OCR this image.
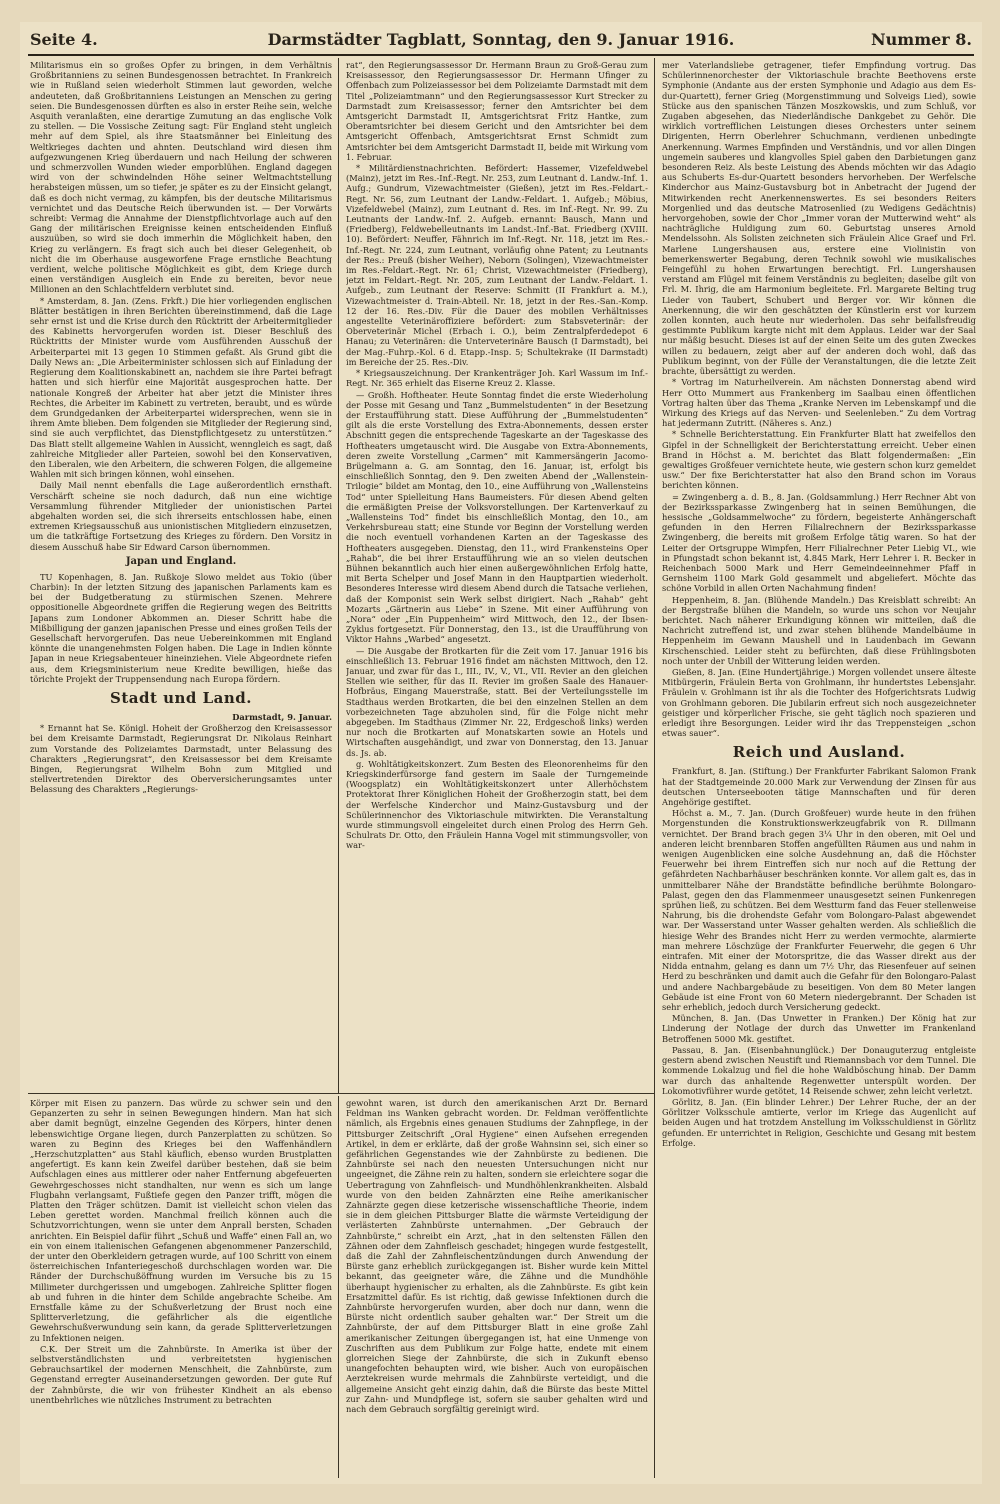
Seite 4.	Darmstädter Tagblatt, Sonntag, den 9. Januar 1916.	Nummer 8.

Militarismus ein so großes Opfer zu bringen, in dem Verhältnis Großbritanniens zu seinen Bundesgenossen betrachtet. In Frankreich wie in Rußland seien wiederholt Stimmen laut geworden, welche andeuteten, daß Großbritanniens Leistungen an Menschen zu gering seien. Die Bundesgenossen dürften es also in erster Reihe sein, welche Asquith veranlaßten, eine derartige Zumutung an das englische Volk zu stellen. — Die Vossische Zeitung sagt: Für England steht ungleich mehr auf dem Spiel, als ihre Staatsmänner bei Einleitung des Weltkrieges dachten und ahnten. Deutschland wird diesen ihm aufgezwungenen Krieg überdauern und nach Heilung der schweren und schmerzvollen Wunden wieder emporblühen. England dagegen wird von der schwindelnden Höhe seiner Weltmachtstellung herabsteigen müssen, um so tiefer, je später es zu der Einsicht gelangt, daß es doch nicht vermag, zu kämpfen, bis der deutsche Militarismus vernichtet und das Deutsche Reich überwunden ist. — Der Vorwärts schreibt: Vermag die Annahme der Dienstpflichtvorlage auch auf den Gang der militärischen Ereignisse keinen entscheidenden Einfluß auszuüben, so wird sie doch immerhin die Möglichkeit haben, den Krieg zu verlängern. Es fragt sich auch bei dieser Gelegenheit, ob nicht die im Oberhause ausgeworfene Frage ernstliche Beachtung verdient, welche politische Möglichkeit es gibt, dem Kriege durch einen verständigen Ausgleich ein Ende zu bereiten, bevor neue Millionen an den Schlachtfeldern verblutet sind.

* Amsterdam, 8. Jan. (Zens. Frkft.) Die hier vorliegenden englischen Blätter bestätigen in ihren Berichten übereinstimmend, daß die Lage sehr ernst ist und die Krise durch den Rücktritt der Arbeitermitglieder des Kabinetts hervorgerufen worden ist. Dieser Beschluß des Rücktritts der Minister wurde vom Ausführenden Ausschuß der Arbeiterpartei mit 13 gegen 10 Stimmen gefaßt. Als Grund gibt die Daily News an: „Die Arbeiterminister schlossen sich auf Einladung der Regierung dem Koalitionskabinett an, nachdem sie ihre Partei befragt hatten und sich hierfür eine Majorität ausgesprochen hatte. Der nationale Kongreß der Arbeiter hat aber jetzt die Minister ihres Rechtes, die Arbeiter im Kabinett zu vertreten, beraubt, und es würde dem Grundgedanken der Arbeiterpartei widersprechen, wenn sie in ihrem Amte blieben. Dem folgenden sie Mitglieder der Regierung sind, sind sie auch verpflichtet, das Dienstpflichtgesetz zu unterstützen.“ Das Blatt stellt allgemeine Wahlen in Aussicht, wenngleich es sagt, daß zahlreiche Mitglieder aller Parteien, sowohl bei den Konservativen, den Liberalen, wie den Arbeitern, die schweren Folgen, die allgemeine Wahlen mit sich bringen können, wohl einsehen.

Daily Mail nennt ebenfalls die Lage außerordentlich ernsthaft. Verschärft scheine sie noch dadurch, daß nun eine wichtige Versammlung führender Mitglieder der unionistischen Partei abgehalten worden sei, die sich ihrerseits entschlossen habe, einen extremen Kriegsausschuß aus unionistischen Mitgliedern einzusetzen, um die tatkräftige Fortsetzung des Krieges zu fördern. Den Vorsitz in diesem Ausschuß habe Sir Edward Carson übernommen.

Japan und England.

TU Kopenhagen, 8. Jan. Rußkoje Slowo meldet aus Tokio (über Charbin): In der letzten Sitzung des japanischen Parlaments kam es bei der Budgetberatung zu stürmischen Szenen. Mehrere oppositionelle Abgeordnete griffen die Regierung wegen des Beitritts Japans zum Londoner Abkommen an. Dieser Schritt habe die Mißbilligung der ganzen japanischen Presse und eines großen Teils der Gesellschaft hervorgerufen. Das neue Uebereinkommen mit England könnte die unangenehmsten Folgen haben. Die Lage in Indien könnte Japan in neue Kriegsabenteuer hineinziehen. Viele Abgeordnete riefen aus, dem Kriegsministerium neue Kredite bewilligen, hieße das törichte Projekt der Truppensendung nach Europa fördern.

Stadt und Land.

Darmstadt, 9. Januar.

* Ernannt hat Se. Königl. Hoheit der Großherzog den Kreisassessor bei dem Kreisamte Darmstadt, Regierungsrat Dr. Nikolaus Reinhart zum Vorstande des Polizeiamtes Darmstadt, unter Belassung des Charakters „Regierungsrat“, den Kreisassessor bei dem Kreisamte Bingen, Regierungsrat Wilhelm Bohn zum Mitglied und stellvertretenden Direktor des Oberversicherungsamtes unter Belassung des Charakters „Regierungs-

rat“, den Regierungsassessor Dr. Hermann Braun zu Groß-Gerau zum Kreisassessor, den Regierungsassessor Dr. Hermann Ufinger zu Offenbach zum Polizeiassessor bei dem Polizeiamte Darmstadt mit dem Titel „Polizeiamtmann“ und den Regierungsassessor Kurt Strecker zu Darmstadt zum Kreisassessor; ferner den Amtsrichter bei dem Amtsgericht Darmstadt II, Amtsgerichtsrat Fritz Hantke, zum Oberamtsrichter bei diesem Gericht und den Amtsrichter bei dem Amtsgericht Offenbach, Amtsgerichtsrat Ernst Schmidt zum Amtsrichter bei dem Amtsgericht Darmstadt II, beide mit Wirkung vom 1. Februar.

* Militärdienstnachrichten. Befördert: Hassemer, Vizefeldwebel (Mainz), jetzt im Res.-Inf.-Regt. Nr. 253, zum Leutnant d. Landw.-Inf. 1. Aufg.; Gundrum, Vizewachtmeister (Gießen), jetzt im Res.-Feldart.-Regt. Nr. 56, zum Leutnant der Landw.-Feldart. 1. Aufgeb.; Möbius, Vizefeldwebel (Mainz), zum Leutnant d. Res. im Inf.-Regt. Nr. 99. Zu Leutnants der Landw.-Inf. 2. Aufgeb. ernannt: Bausch, Mann und (Friedberg), Feldwebelleutnants im Landst.-Inf.-Bat. Friedberg (XVIII. 10). Befördert: Neuffer, Fähnrich im Inf.-Regt. Nr. 118, jetzt im Res.-Inf.-Regt. Nr. 224, zum Leutnant, vorläufig ohne Patent; zu Leutnants der Res.: Preuß (bisher Weiher), Neborn (Solingen), Vizewachtmeister im Res.-Feldart.-Regt. Nr. 61; Christ, Vizewachtmeister (Friedberg), jetzt im Feldart.-Regt. Nr. 205, zum Leutnant der Landw.-Feldart. 1. Aufgeb., zum Leutnant der Reserve: Schmitt (II Frankfurt a. M.), Vizewachtmeister d. Train-Abteil. Nr. 18, jetzt in der Res.-San.-Komp. 12 der 16. Res.-Div. Für die Dauer des mobilen Verhältnisses angestellte Veterinäroffiziere befördert: zum Stabsveterinär: der Oberveterinär Michel (Erbach i. O.), beim Zentralpferdedepot 6 Hanau; zu Veterinären: die Unterveterinäre Bausch (I Darmstadt), bei der Mag.-Fuhrp.-Kol. 6 d. Etapp.-Insp. 5; Schultekrake (II Darmstadt) im Bereiche der 25. Res.-Div.

* Kriegsauszeichnung. Der Krankenträger Joh. Karl Wassum im Inf.-Regt. Nr. 365 erhielt das Eiserne Kreuz 2. Klasse.

— Großh. Hoftheater. Heute Sonntag findet die erste Wiederholung der Posse mit Gesang und Tanz „Bummelstudenten“ in der Besetzung der Erstaufführung statt. Diese Aufführung der „Bummelstudenten“ gilt als die erste Vorstellung des Extra-Abonnements, dessen erster Abschnitt gegen die entsprechende Tageskarte an der Tageskasse des Hoftheaters umgetauscht wird. Die Ausgabe von Extra-Abonnements, deren zweite Vorstellung „Carmen“ mit Kammersängerin Jacomo-Brügelmann a. G. am Sonntag, den 16. Januar, ist, erfolgt bis einschließlich Sonntag, den 9. Den zweiten Abend der „Wallenstein-Trilogie“ bildet am Montag, den 10., eine Aufführung von „Wallensteins Tod“ unter Spielleitung Hans Baumeisters. Für diesen Abend gelten die ermäßigten Preise der Volksvorstellungen. Der Kartenverkauf zu „Wallensteins Tod“ findet bis einschließlich Montag, den 10., am Verkehrsbureau statt; eine Stunde vor Beginn der Vorstellung werden die noch eventuell vorhandenen Karten an der Tageskasse des Hoftheaters ausgegeben. Dienstag, den 11., wird Frankensteins Oper „Rahab“, die bei ihrer Erstaufführung wie an so vielen deutschen Bühnen bekanntlich auch hier einen außergewöhnlichen Erfolg hatte, mit Berta Schelper und Josef Mann in den Hauptpartien wiederholt. Besonderes Interesse wird diesem Abend durch die Tatsache verliehen, daß der Komponist sein Werk selbst dirigiert. Nach „Rahab“ geht Mozarts „Gärtnerin aus Liebe“ in Szene. Mit einer Aufführung von „Nora“ oder „Ein Puppenheim“ wird Mittwoch, den 12., der Ibsen-Zyklus fortgesetzt. Für Donnerstag, den 13., ist die Uraufführung von Viktor Hahns „Warbed“ angesetzt.

— Die Ausgabe der Brotkarten für die Zeit vom 17. Januar 1916 bis einschließlich 13. Februar 1916 findet am nächsten Mittwoch, den 12. Januar, und zwar für das I., III., IV., V., VI., VII. Revier an den gleichen Stellen wie seither, für das II. Revier im großen Saale des Hanauer-Hofbräus, Eingang Mauerstraße, statt. Bei der Verteilungsstelle im Stadthaus werden Brotkarten, die bei den einzelnen Stellen an dem vorbezeichneten Tage abzuholen sind, für die Folge nicht mehr abgegeben. Im Stadthaus (Zimmer Nr. 22, Erdgeschoß links) werden nur noch die Brotkarten auf Monatskarten sowie an Hotels und Wirtschaften ausgehändigt, und zwar von Donnerstag, den 13. Januar ds. Js. ab.

g. Wohltätigkeitskonzert. Zum Besten des Eleonorenheims für den Kriegskinderfürsorge fand gestern im Saale der Turngemeinde (Woogsplatz) ein Wohltätigkeitskonzert unter Allerhöchstem Protektorat Ihrer Königlichen Hoheit der Großherzogin statt, bei dem der Werfelsche Kinderchor und Mainz-Gustavsburg und der Schülerinnenchor des Viktoriaschule mitwirkten. Die Veranstaltung wurde stimmungsvoll eingeleitet durch einen Prolog des Herrn Geh. Schulrats Dr. Otto, den Fräulein Hanna Vogel mit stimmungsvoller, von war-

mer Vaterlandsliebe getragener, tiefer Empfindung vortrug. Das Schülerinnenorchester der Viktoriaschule brachte Beethovens erste Symphonie (Andante aus der ersten Symphonie und Adagio aus dem Es-dur-Quartett), ferner Grieg (Morgenstimmung und Solveigs Lied), sowie Stücke aus den spanischen Tänzen Moszkowskis, und zum Schluß, vor Zugaben abgesehen, das Niederländische Dankgebet zu Gehör. Die wirklich vortrefflichen Leistungen dieses Orchesters unter seinem Dirigenten, Herrn Oberlehrer Schuchmann, verdienen unbedingte Anerkennung. Warmes Empfinden und Verständnis, und vor allen Dingen ungemein sauberes und klangvolles Spiel gaben den Darbietungen ganz besonderen Reiz. Als beste Leistung des Abends möchten wir das Adagio aus Schuberts Es-dur-Quartett besonders hervorheben. Der Werfelsche Kinderchor aus Mainz-Gustavsburg bot in Anbetracht der Jugend der Mitwirkenden recht Anerkennenswertes. Es sei besonders Reiters Morgenlied und das deutsche Matrosenlied (zu Wedigens Gedächtnis) hervorgehoben, sowie der Chor „Immer voran der Mutterwind weht“ als nachträgliche Huldigung zum 60. Geburtstag unseres Arnold Mendelssohn. Als Solisten zeichneten sich Fräulein Alice Graef und Frl. Marlene Lungershausen aus, erstere eine Violinistin von bemerkenswerter Begabung, deren Technik sowohl wie musikalisches Feingefühl zu hohen Erwartungen berechtigt. Frl. Lungershausen verstand am Flügel mit feinem Verständnis zu begleiten; daselbe gilt von Frl. M. Ihrig, die am Harmonium begleitete. Frl. Margarete Belting trug Lieder von Taubert, Schubert und Berger vor. Wir können die Anerkennung, die wir den geschätzten der Künstlerin erst vor kurzem zollen konnten, auch heute nur wiederholen. Das sehr beifallsfreudig gestimmte Publikum kargte nicht mit dem Applaus. Leider war der Saal nur mäßig besucht. Dieses ist auf der einen Seite um des guten Zweckes willen zu bedauern, zeigt aber auf der anderen doch wohl, daß das Publikum beginnt, von der Fülle der Veranstaltungen, die die letzte Zeit brachte, übersättigt zu werden.

* Vortrag im Naturheilverein. Am nächsten Donnerstag abend wird Herr Otto Mummert aus Frankenberg im Saalbau einen öffentlichen Vortrag halten über das Thema „Kranke Nerven im Lebenskampf und die Wirkung des Kriegs auf das Nerven- und Seelenleben.“ Zu dem Vortrag hat jedermann Zutritt. (Näheres s. Anz.)

* Schnelle Berichterstattung. Ein Frankfurter Blatt hat zweifellos den Gipfel in der Schnelligkeit der Berichterstattung erreicht. Ueber einen Brand in Höchst a. M. berichtet das Blatt folgendermaßen: „Ein gewaltiges Großfeuer vernichtete heute, wie gestern schon kurz gemeldet usw.“ Der fixe Berichterstatter hat also den Brand schon im Voraus berichten können.

= Zwingenberg a. d. B., 8. Jan. (Goldsammlung.) Herr Rechner Abt von der Bezirkssparkasse Zwingenberg hat in seinen Bemühungen, die hessische „Goldsammelwoche“ zu fördern, begeisterte Anhängerschaft gefunden in den Herren Filialrechnern der Bezirkssparkasse Zwingenberg, die bereits mit großem Erfolge tätig waren. So hat der Leiter der Ortsgruppe Wimpfen, Herr Filialrechner Peter Liebig VI., wie in Pfungstadt schon bekannt ist, 4.845 Mark, Herr Lehrer i. R. Becker in Reichenbach 5000 Mark und Herr Gemeindeeinnehmer Pfaff in Gernsheim 1100 Mark Gold gesammelt und abgeliefert. Möchte das schöne Vorbild in allen Orten Nachahmung finden!

Heppenheim, 8. Jan. (Blühende Mandeln.) Das Kreisblatt schreibt: An der Bergstraße blühen die Mandeln, so wurde uns schon vor Neujahr berichtet. Nach näherer Erkundigung können wir mitteilen, daß die Nachricht zutreffend ist, und zwar stehen blühende Mandelbäume in Heppenheim im Gewann Maushell und in Laudenbach im Gewann Kirschenschied. Leider steht zu befürchten, daß diese Frühlingsboten noch unter der Unbill der Witterung leiden werden.

Gießen, 8. Jan. (Eine Hundertjährige.) Morgen vollendet unsere älteste Mitbürgerin, Fräulein Berta von Grohlmann, ihr hundertstes Lebensjahr. Fräulein v. Grohlmann ist ihr als die Tochter des Hofgerichtsrats Ludwig von Grohlmann geboren. Die Jubilarin erfreut sich noch ausgezeichneter geistiger und körperlicher Frische, sie geht täglich noch spazieren und erledigt ihre Besorgungen. Leider wird ihr das Treppensteigen „schon etwas sauer“.

Reich und Ausland.

Frankfurt, 8. Jan. (Stiftung.) Der Frankfurter Fabrikant Salomon Frank hat der Stadtgemeinde 20.000 Mark zur Verwendung der Zinsen für aus deutschen Unterseebooten tätige Mannschaften und für deren Angehörige gestiftet.

Höchst a. M., 7. Jan. (Durch Großfeuer) wurde heute in den frühen Morgenstunden die Konstruktionswerkzeugfabrik von R. Dillmann vernichtet. Der Brand brach gegen 3¼ Uhr in den oberen, mit Oel und anderen leicht brennbaren Stoffen angefüllten Räumen aus und nahm in wenigen Augenblicken eine solche Ausdehnung an, daß die Höchster Feuerwehr bei ihrem Eintreffen sich nur noch auf die Rettung der gefährdeten Nachbarhäuser beschränken konnte. Vor allem galt es, das in unmittelbarer Nähe der Brandstätte befindliche berühmte Bolongaro-Palast, gegen den das Flammenmeer unausgesetzt seinen Funkenregen sprühen ließ, zu schützen. Bei dem Westturm fand das Feuer stellenweise Nahrung, bis die drohendste Gefahr vom Bolongaro-Palast abgewendet war. Der Wasserstand unter Wasser gehalten werden. Als schließlich die hiesige Wehr des Brandes nicht Herr zu werden vermochte, alarmierte man mehrere Löschzüge der Frankfurter Feuerwehr, die gegen 6 Uhr eintrafen. Mit einer der Motorspritze, die das Wasser direkt aus der Nidda entnahm, gelang es dann um 7½ Uhr, das Riesenfeuer auf seinen Herd zu beschränken und damit auch die Gefahr für den Bolongaro-Palast und andere Nachbargebäude zu beseitigen. Von dem 80 Meter langen Gebäude ist eine Front von 60 Metern niedergebrannt. Der Schaden ist sehr erheblich, jedoch durch Versicherung gedeckt.

München, 8. Jan. (Das Unwetter in Franken.) Der König hat zur Linderung der Notlage der durch das Unwetter im Frankenland Betroffenen 5000 Mk. gestiftet.

Passau, 8. Jan. (Eisenbahnunglück.) Der Donauguterzug entgleiste gestern abend zwischen Neustift und Riemannsbach vor dem Tunnel. Die kommende Lokalzug und fiel die hohe Waldböschung hinab. Der Damm war durch das anhaltende Regenwetter unterspült worden. Der Lokomotivführer wurde getötet, 14 Reisende schwer, zehn leicht verletzt.

Görlitz, 8. Jan. (Ein blinder Lehrer.) Der Lehrer Ruche, der an der Görlitzer Volksschule amtierte, verlor im Kriege das Augenlicht auf beiden Augen und hat trotzdem Anstellung im Volksschuldienst in Görlitz gefunden. Er unterrichtet in Religion, Geschichte und Gesang mit bestem Erfolge.

Körper mit Eisen zu panzern. Das würde zu schwer sein und den Gepanzerten zu sehr in seinen Bewegungen hindern. Man hat sich aber damit begnügt, einzelne Gegenden des Körpers, hinter denen lebenswichtige Organe liegen, durch Panzerplatten zu schützen. So waren zu Beginn des Krieges bei den Waffenhändlern „Herzschutzplatten“ aus Stahl käuflich, ebenso wurden Brustplatten angefertigt. Es kann kein Zweifel darüber bestehen, daß sie beim Aufschlagen eines aus mittlerer oder naher Entfernung abgefeuerten Gewehrgeschosses nicht standhalten, nur wenn es sich um lange Flugbahn verlangsamt, Fußtiefe gegen den Panzer trifft, mögen die Platten den Träger schützen. Damit ist vielleicht schon vielen das Leben gerettet worden. Manchmal freilich können auch die Schutzvorrichtungen, wenn sie unter dem Anprall bersten, Schaden anrichten. Ein Beispiel dafür führt „Schuß und Waffe“ einen Fall an, wo ein von einem italienischen Gefangenen abgenommener Panzerschild, der unter den Oberkleidern getragen wurde, auf 100 Schritt von einem österreichischen Infanteriegeschoß durchschlagen worden war. Die Ränder der Durchschußöffnung wurden im Versuche bis zu 15 Millimeter durchgerissen und umgebogen. Zahlreiche Splitter flogen ab und fuhren in die hinter dem Schilde angebrachte Scheibe. Am Ernstfalle käme zu der Schußverletzung der Brust noch eine Splitterverletzung, die gefährlicher als die eigentliche Gewehrschußverwundung sein kann, da gerade Splitterverletzungen zu Infektionen neigen.

C.K. Der Streit um die Zahnbürste. In Amerika ist über der selbstverständlichsten und verbreitetsten hygienischen Gebrauchsartikel der modernen Menschheit, die Zahnbürste, zum Gegenstand erregter Auseinandersetzungen geworden. Der gute Ruf der Zahnbürste, die wir von frühester Kindheit an als ebenso unentbehrliches wie nützliches Instrument zu betrachten

gewohnt waren, ist durch den amerikanischen Arzt Dr. Bernard Feldman ins Wanken gebracht worden. Dr. Feldman veröffentlichte nämlich, als Ergebnis eines genauen Studiums der Zahnpflege, in der Pittsburger Zeitschrift „Oral Hygiene“ einen Aufsehen erregenden Artikel, in dem er erklärte, daß der große Wahnsinn sei, sich einer so gefährlichen Gegenstandes wie der Zahnbürste zu bedienen. Die Zahnbürste sei nach den neuesten Untersuchungen nicht nur ungeeignet, die Zähne rein zu halten, sondern sie erleichtere sogar die Uebertragung von Zahnfleisch- und Mundhöhlenkrankheiten. Alsbald wurde von den beiden Zahnärzten eine Reihe amerikanischer Zahnärzte gegen diese ketzerische wissenschaftliche Theorie, indem sie in dem gleichen Pittsburger Blatte die wärmste Verteidigung der verlästerten Zahnbürste unternahmen. „Der Gebrauch der Zahnbürste,“ schreibt ein Arzt, „hat in den seltensten Fällen den Zähnen oder dem Zahnfleisch geschadet; hingegen wurde festgestellt, daß die Zahl der Zahnfleischentzündungen durch Anwendung der Bürste ganz erheblich zurückgegangen ist. Bisher wurde kein Mittel bekannt, das geeigneter wäre, die Zähne und die Mundhöhle überhaupt hygienischer zu erhalten, als die Zahnbürste. Es gibt kein Ersatzmittel dafür. Es ist richtig, daß gewisse Infektionen durch die Zahnbürste hervorgerufen wurden, aber doch nur dann, wenn die Bürste nicht ordentlich sauber gehalten war.“ Der Streit um die Zahnbürste, der auf dem Pittsburger Blatt in eine große Zahl amerikanischer Zeitungen übergegangen ist, hat eine Unmenge von Zuschriften aus dem Publikum zur Folge hatte, endete mit einem glorreichen Siege der Zahnbürste, die sich in Zukunft ebenso unangefochten behaupten wird, wie bisher. Auch von europäischen Aerztekreisen wurde mehrmals die Zahnbürste verteidigt, und die allgemeine Ansicht geht einzig dahin, daß die Bürste das beste Mittel zur Zahn- und Mundpflege ist, sofern sie sauber gehalten wird und nach dem Gebrauch sorgfältig gereinigt wird.
